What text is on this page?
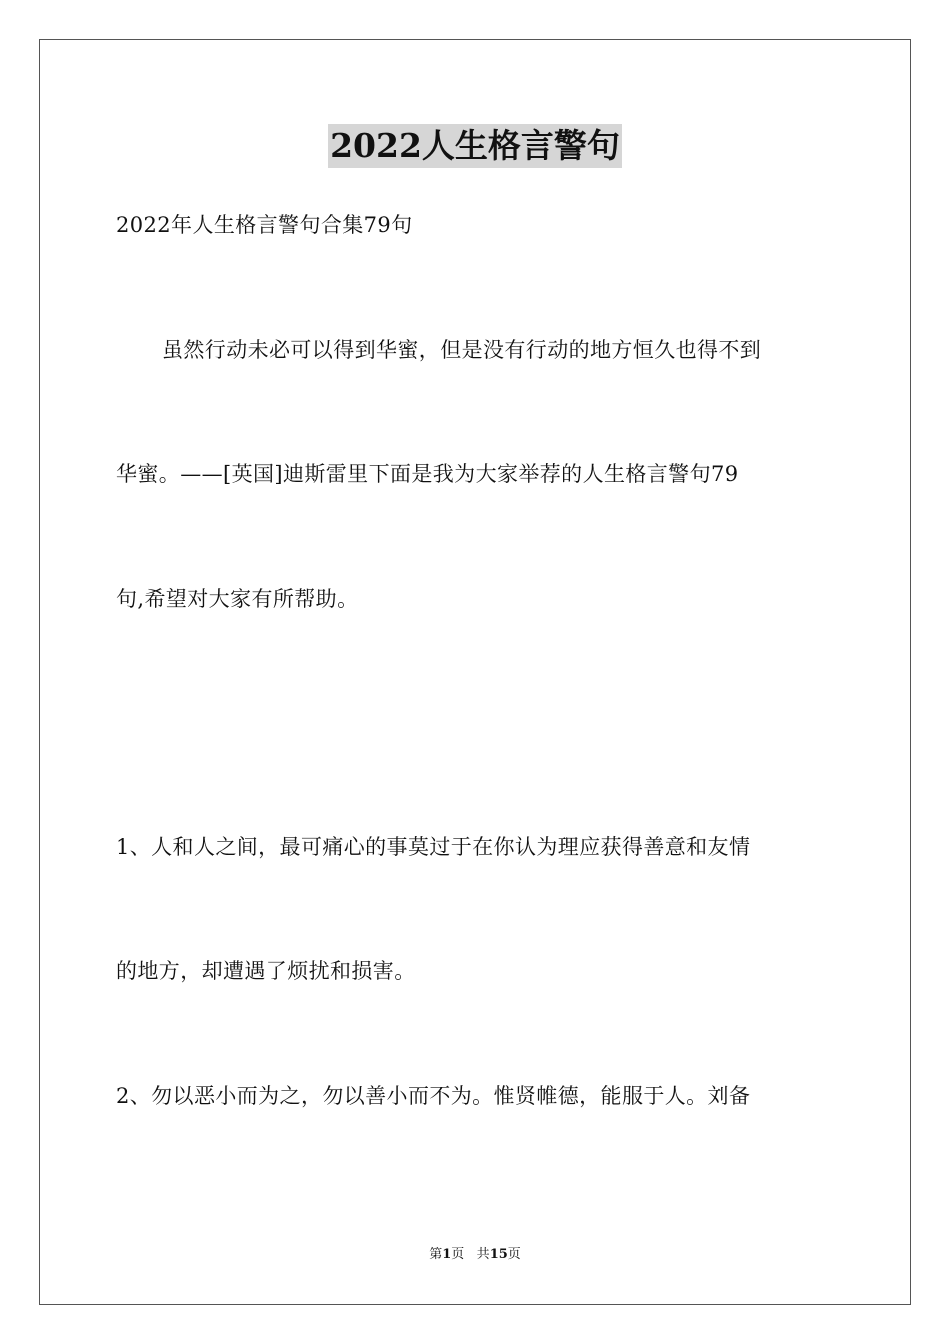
2022人生格言警句
2022年人生格言警句合集79句
虽然行动未必可以得到华蜜，但是没有行动的地方恒久也得不到
华蜜。——[英国]迪斯雷里下面是我为大家举荐的人生格言警句79
句,希望对大家有所帮助。
1、人和人之间，最可痛心的事莫过于在你认为理应获得善意和友情
的地方，却遭遇了烦扰和损害。
2、勿以恶小而为之，勿以善小而不为。惟贤帷德，能服于人。刘备
第1页 共15页
